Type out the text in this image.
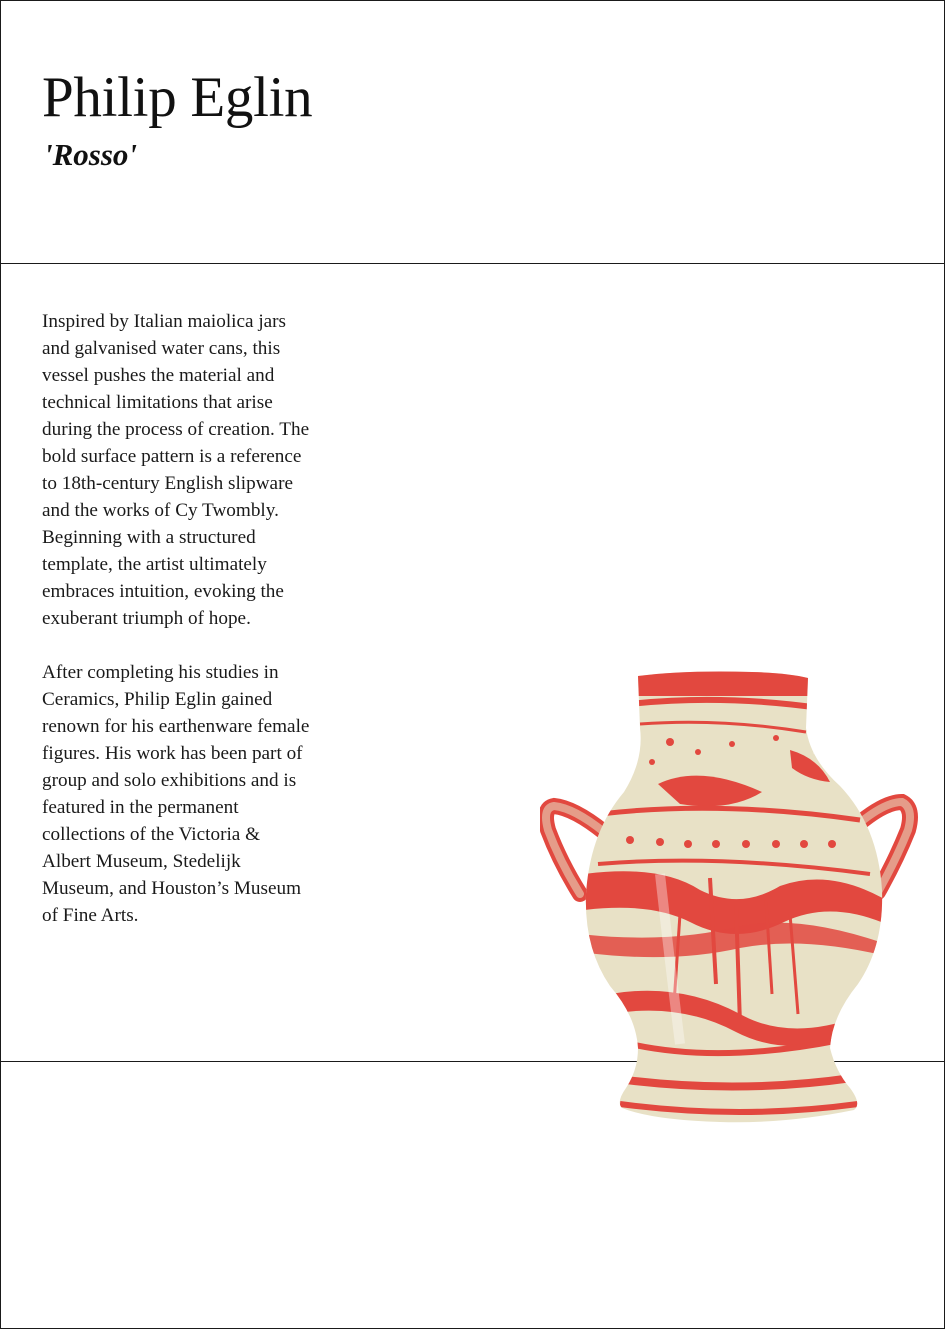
Philip Eglin
'Rosso'

Inspired by Italian maiolica jars and galvanised water cans, this vessel pushes the material and technical limitations that arise during the process of creation. The bold surface pattern is a reference to 18th-century English slipware and the works of Cy Twombly. Beginning with a structured template, the artist ultimately embraces intuition, evoking the exuberant triumph of hope.

After completing his studies in Ceramics, Philip Eglin gained renown for his earthenware female figures. His work has been part of group and solo exhibitions and is featured in the permanent collections of the Victoria & Albert Museum, Stedelijk Museum, and Houston’s Museum of Fine Arts.
